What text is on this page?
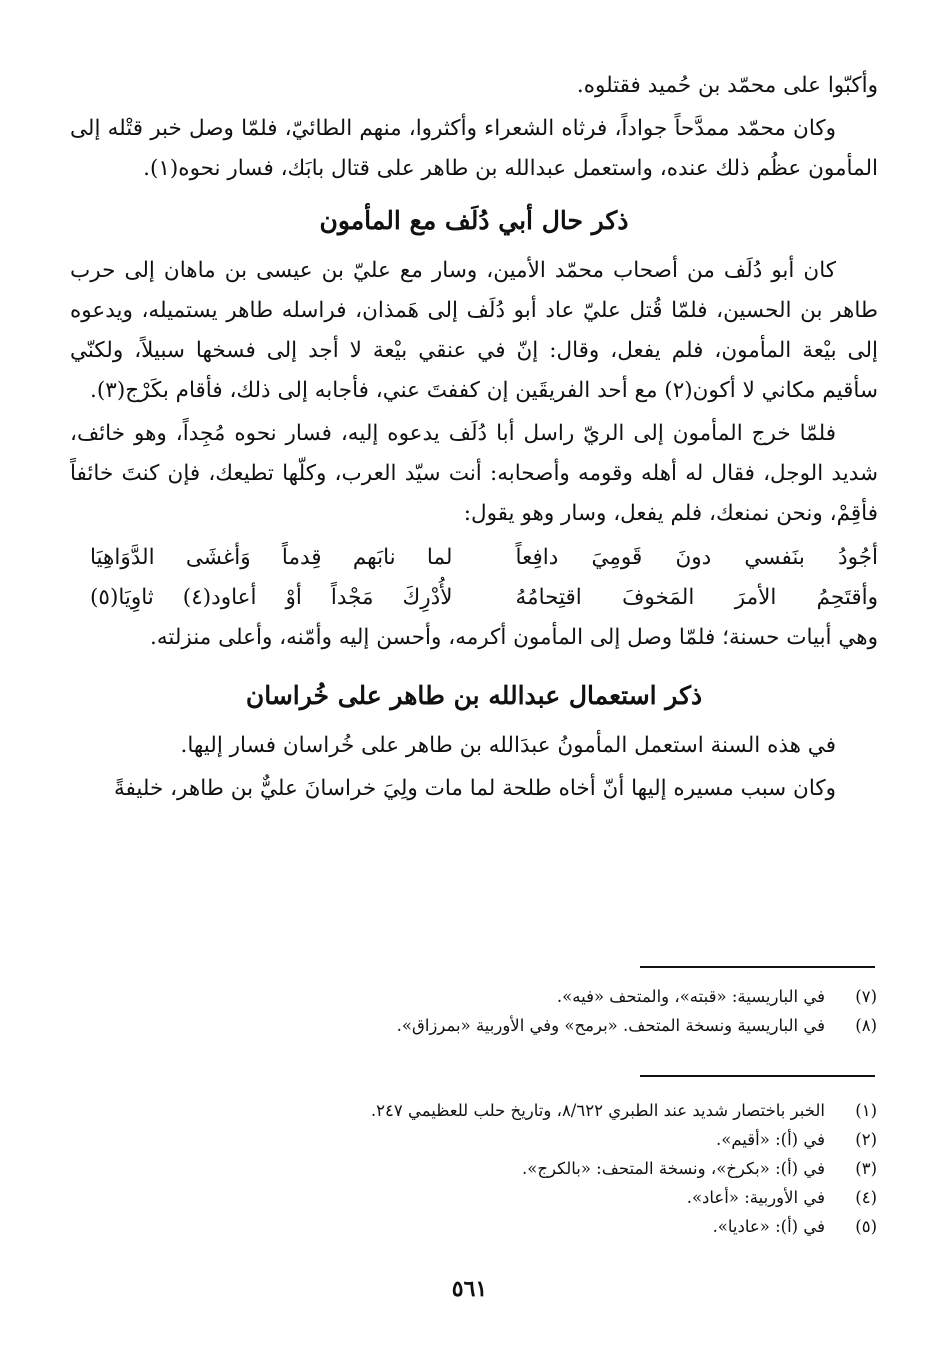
وأكبّوا على محمّد بن حُميد فقتلوه.

وكان محمّد ممدَّحاً جواداً، فرثاه الشعراء وأكثروا، منهم الطائيّ، فلمّا وصل خبر قتْله إلى المأمون عظُم ذلك عنده، واستعمل عبدالله بن طاهر على قتال بابَك، فسار نحوه(١).

ذكر حال أبي دُلَف مع المأمون

كان أبو دُلَف من أصحاب محمّد الأمين، وسار مع عليّ بن عيسى بن ماهان إلى حرب طاهر بن الحسين، فلمّا قُتل عليّ عاد أبو دُلَف إلى هَمذان، فراسله طاهر يستميله، ويدعوه إلى بيْعة المأمون، فلم يفعل، وقال: إنّ في عنقي بيْعة لا أجد إلى فسخها سبيلاً، ولكنّي سأقيم مكاني لا أكون(٢) مع أحد الفريقَين إن كففتَ عني، فأجابه إلى ذلك، فأقام بكَرْج(٣).

فلمّا خرج المأمون إلى الريّ راسل أبا دُلَف يدعوه إليه، فسار نحوه مُجِداً، وهو خائف، شديد الوجل، فقال له أهله وقومه وأصحابه: أنت سيّد العرب، وكلّها تطيعك، فإن كنتَ خائفاً فأقِمْ، ونحن نمنعك، فلم يفعل، وسار وهو يقول:

أجُودُ بنَفسي دونَ قَومِيَ دافِعاً
لما نابَهم قِدماً وَأغشَى الدَّوَاهِيَا
وأقتَحِمُ الأمرَ المَخوفَ اقتِحامُهُ
لأُدْرِكَ مَجْداً أوْ أعاود(٤) ثاوِيَا(٥)

وهي أبيات حسنة؛ فلمّا وصل إلى المأمون أكرمه، وأحسن إليه وأمّنه، وأعلى منزلته.

ذكر استعمال عبدالله بن طاهر على خُراسان

في هذه السنة استعمل المأمونُ عبدَالله بن طاهر على خُراسان فسار إليها.

وكان سبب مسيره إليها أنّ أخاه طلحة لما مات ولِيَ خراسانَ عليٌّ بن طاهر، خليفةً

(٧)
في الباريسية: «قبته»، والمتحف «فيه».
(٨)
في الباريسية ونسخة المتحف. «برمح» وفي الأوربية «بمرزاق».
(١)
الخبر باختصار شديد عند الطبري ٨/٦٢٢، وتاريخ حلب للعظيمي ٢٤٧.
(٢)
في (أ): «أقيم».
(٣)
في (أ): «بكرخ»، ونسخة المتحف: «بالكرج».
(٤)
في الأوربية: «أعاد».
(٥)
في (أ): «عاديا».
٥٦١
